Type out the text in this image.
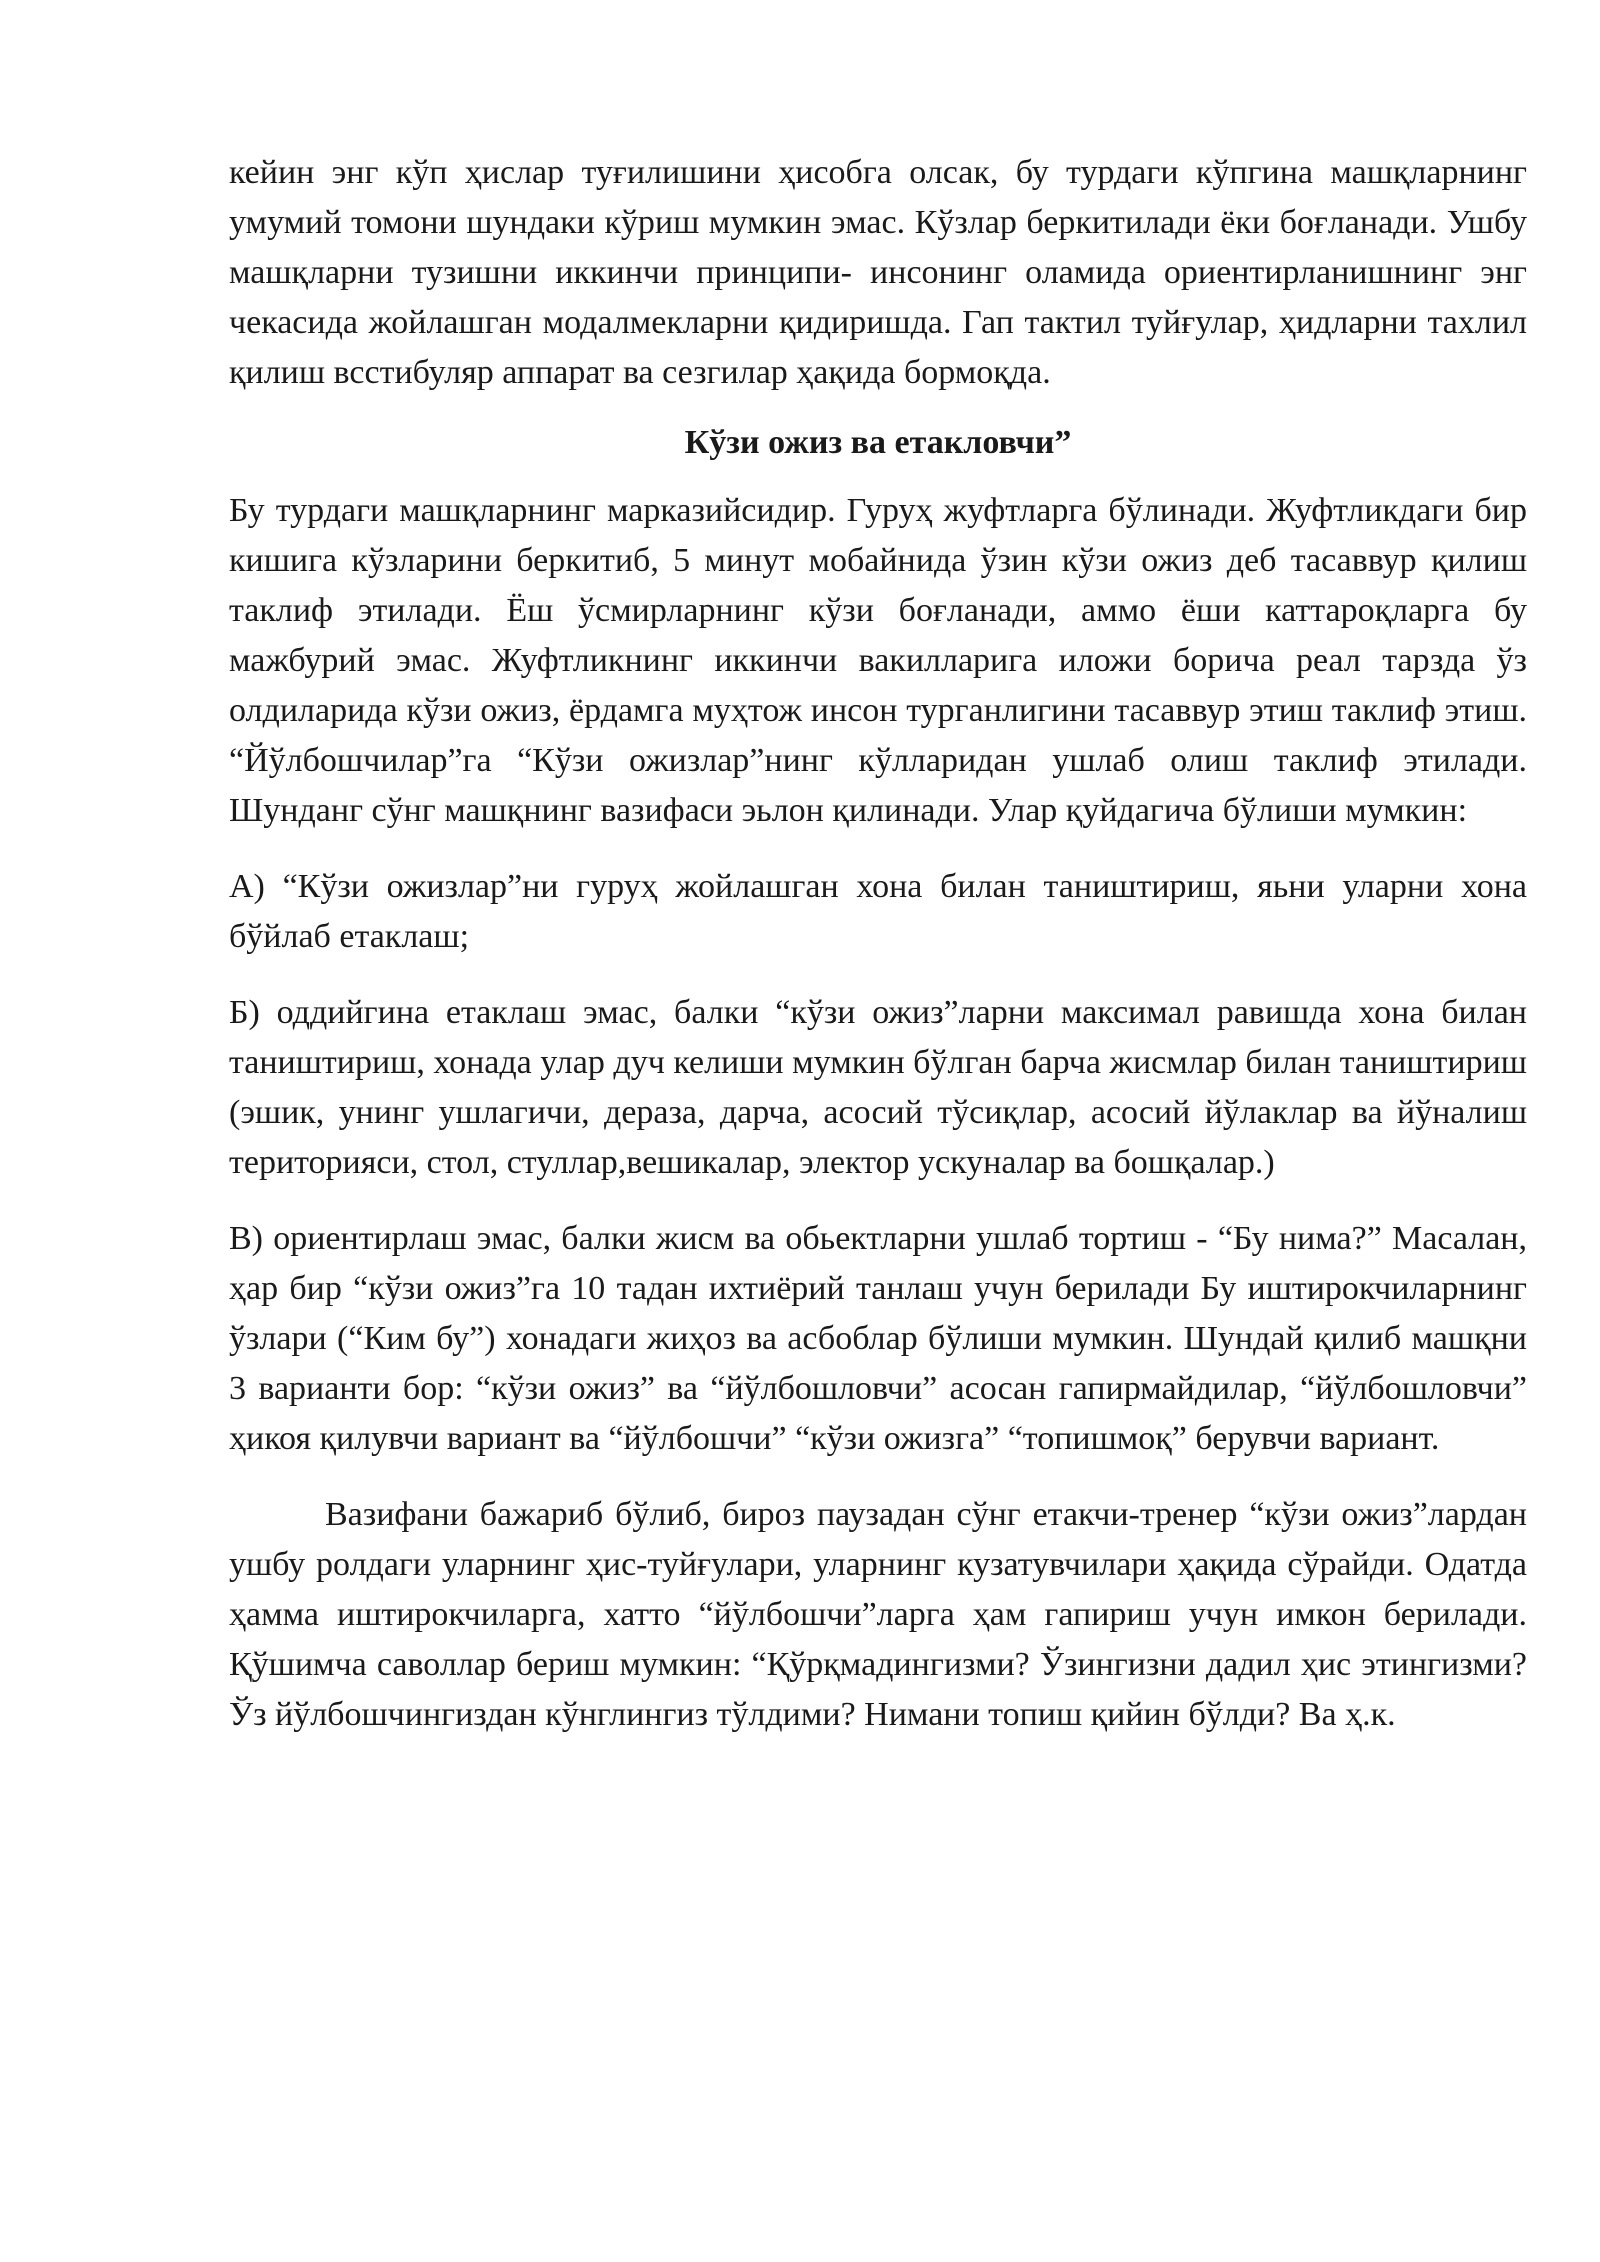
кейин энг кўп ҳислар туғилишини ҳисобга олсак, бу турдаги кўпгина машқларнинг умумий томони шундаки кўриш мумкин эмас. Кўзлар беркитилади ёки боғланади. Ушбу машқларни тузишни иккинчи принципи- инсонинг оламида ориентирланишнинг энг чекасида жойлашган модалмекларни қидиришда. Гап тактил туйғулар, ҳидларни тахлил қилиш всстибуляр аппарат ва сезгилар ҳақида бормоқда.

Кўзи ожиз ва етакловчи”

Бу турдаги машқларнинг марказийсидир. Гуруҳ жуфтларга бўлинади. Жуфтликдаги бир кишига кўзларини беркитиб, 5 минут мобайнида ўзин кўзи ожиз деб тасаввур қилиш таклиф этилади. Ёш ўсмирларнинг кўзи боғланади, аммо ёши каттароқларга бу мажбурий эмас. Жуфтликнинг иккинчи вакилларига иложи борича реал тарзда ўз олдиларида кўзи ожиз, ёрдамга муҳтож инсон турганлигини тасаввур этиш таклиф этиш. “Йўлбошчилар”га “Кўзи ожизлар”нинг кўлларидан ушлаб олиш таклиф этилади. Шунданг сўнг машқнинг вазифаси эьлон қилинади. Улар қуйдагича бўлиши мумкин:

А) “Кўзи ожизлар”ни гуруҳ жойлашган хона билан таништириш, яьни уларни хона бўйлаб етаклаш;

Б) оддийгина етаклаш эмас, балки “кўзи ожиз”ларни максимал равишда хона билан таништириш, хонада улар дуч келиши мумкин бўлган барча жисмлар билан таништириш (эшик, унинг ушлагичи, дераза, дарча, асосий тўсиқлар, асосий йўлаклар ва йўналиш територияси, стол, стуллар,вешикалар, электор ускуналар ва бошқалар.)

В) ориентирлаш эмас, балки жисм ва обьектларни ушлаб тортиш - “Бу нима?” Масалан, ҳар бир “кўзи ожиз”га 10 тадан ихтиёрий танлаш учун берилади Бу иштирокчиларнинг ўзлари (“Ким бу”) хонадаги жиҳоз ва асбоблар бўлиши мумкин. Шундай қилиб машқни 3 варианти бор: “кўзи ожиз” ва “йўлбошловчи” асосан гапирмайдилар, “йўлбошловчи” ҳикоя қилувчи вариант ва “йўлбошчи” “кўзи ожизга” “топишмоқ” берувчи вариант.

Вазифани бажариб бўлиб, бироз паузадан сўнг етакчи-тренер “кўзи ожиз”лардан ушбу ролдаги уларнинг ҳис-туйғулари, уларнинг кузатувчилари ҳақида сўрайди. Одатда ҳамма иштирокчиларга, хатто “йўлбошчи”ларга ҳам гапириш учун имкон берилади. Қўшимча саволлар бериш мумкин: “Қўрқмадингизми? Ўзингизни дадил ҳис этингизми? Ўз йўлбошчингиздан кўнглингиз тўлдими? Нимани топиш қийин бўлди? Ва ҳ.к.
